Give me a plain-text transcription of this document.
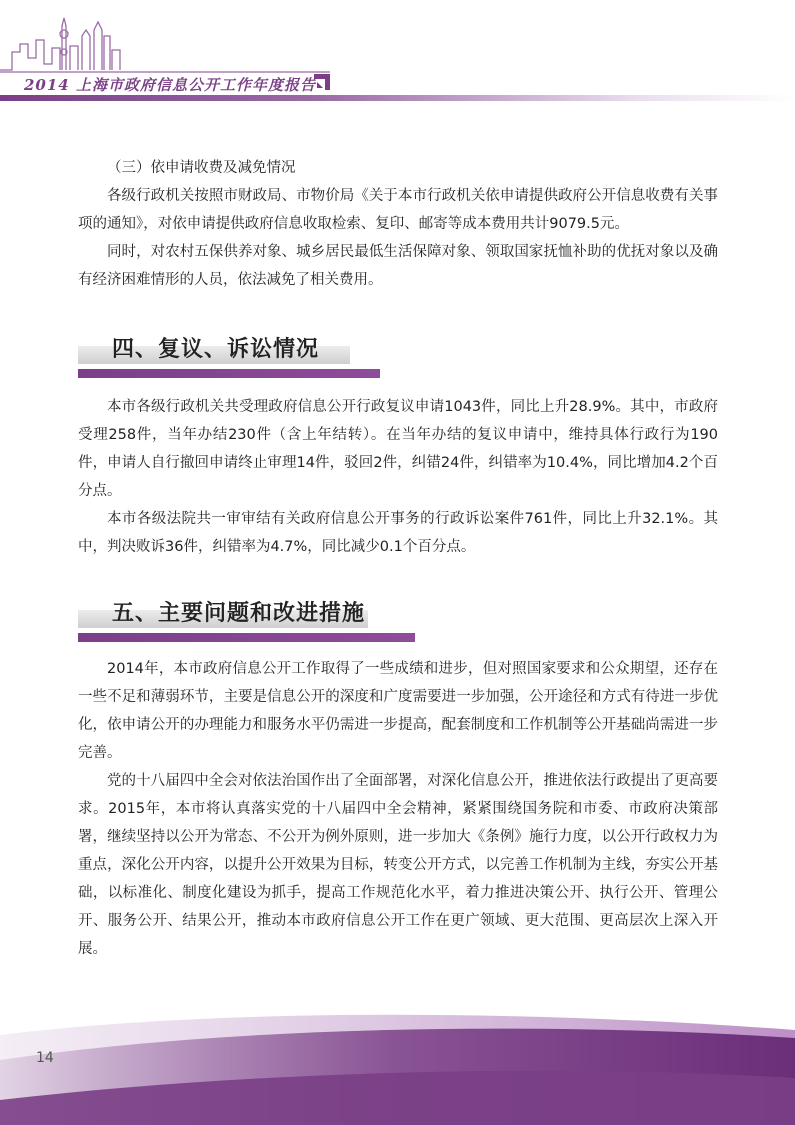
2014 上海市政府信息公开工作年度报告
（三）依申请收费及减免情况

各级行政机关按照市财政局、市物价局《关于本市行政机关依申请提供政府公开信息收费有关事项的通知》，对依申请提供政府信息收取检索、复印、邮寄等成本费用共计9079.5元。

同时，对农村五保供养对象、城乡居民最低生活保障对象、领取国家抚恤补助的优抚对象以及确有经济困难情形的人员，依法减免了相关费用。

四、复议、诉讼情况

本市各级行政机关共受理政府信息公开行政复议申请1043件，同比上升28.9%。其中，市政府受理258件，当年办结230件（含上年结转）。在当年办结的复议申请中，维持具体行政行为190件，申请人自行撤回申请终止审理14件，驳回2件，纠错24件，纠错率为10.4%，同比增加4.2个百分点。

本市各级法院共一审审结有关政府信息公开事务的行政诉讼案件761件，同比上升32.1%。其中，判决败诉36件，纠错率为4.7%，同比减少0.1个百分点。

五、主要问题和改进措施

2014年，本市政府信息公开工作取得了一些成绩和进步，但对照国家要求和公众期望，还存在一些不足和薄弱环节，主要是信息公开的深度和广度需要进一步加强，公开途径和方式有待进一步优化，依申请公开的办理能力和服务水平仍需进一步提高，配套制度和工作机制等公开基础尚需进一步完善。

党的十八届四中全会对依法治国作出了全面部署，对深化信息公开，推进依法行政提出了更高要求。2015年，本市将认真落实党的十八届四中全会精神，紧紧围绕国务院和市委、市政府决策部署，继续坚持以公开为常态、不公开为例外原则，进一步加大《条例》施行力度，以公开行政权力为重点，深化公开内容，以提升公开效果为目标，转变公开方式，以完善工作机制为主线，夯实公开基础，以标准化、制度化建设为抓手，提高工作规范化水平，着力推进决策公开、执行公开、管理公开、服务公开、结果公开，推动本市政府信息公开工作在更广领域、更大范围、更高层次上深入开展。

14
